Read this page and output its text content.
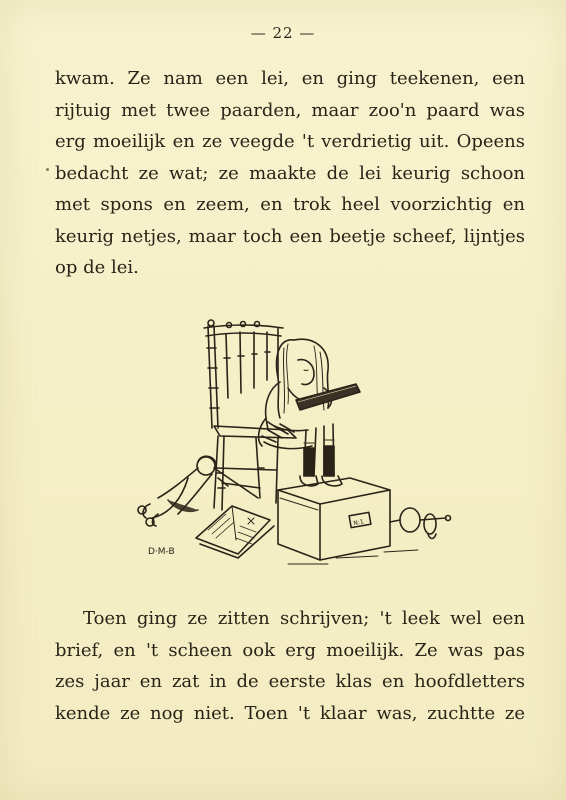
— 22 —
kwam. Ze nam een lei, en ging teekenen, een
rijtuig met twee paarden, maar zoo'n paard was
erg moeilijk en ze veegde 't verdrietig uit. Opeens
bedacht ze wat; ze maakte de lei keurig schoon
met spons en zeem, en trok heel voorzichtig en
keurig netjes, maar toch een beetje scheef, lijntjes
op de lei.
D·M-B
N:1
Toen ging ze zitten schrijven; 't leek wel een
brief, en 't scheen ook erg moeilijk. Ze was pas
zes jaar en zat in de eerste klas en hoofdletters
kende ze nog niet. Toen 't klaar was, zuchtte ze
